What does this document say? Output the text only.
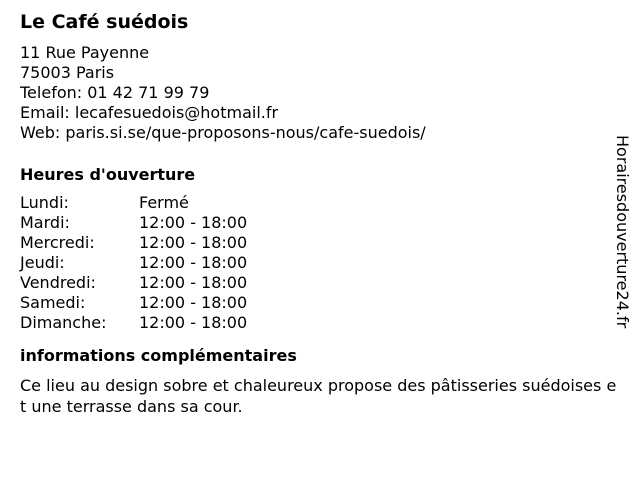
Le Café suédois
11 Rue Payenne
75003 Paris
Telefon: 01 42 71 99 79
Email: lecafesuedois@hotmail.fr
Web: paris.si.se/que-proposons-nous/cafe-suedois/
Heures d'ouverture
Lundi:	Fermé
Mardi:	12:00 - 18:00
Mercredi:	12:00 - 18:00
Jeudi:	12:00 - 18:00
Vendredi:	12:00 - 18:00
Samedi:	12:00 - 18:00
Dimanche:	12:00 - 18:00
informations complémentaires
Ce lieu au design sobre et chaleureux propose des pâtisseries suédoises et une terrasse dans sa cour.
Horairesdouverture24.fr
